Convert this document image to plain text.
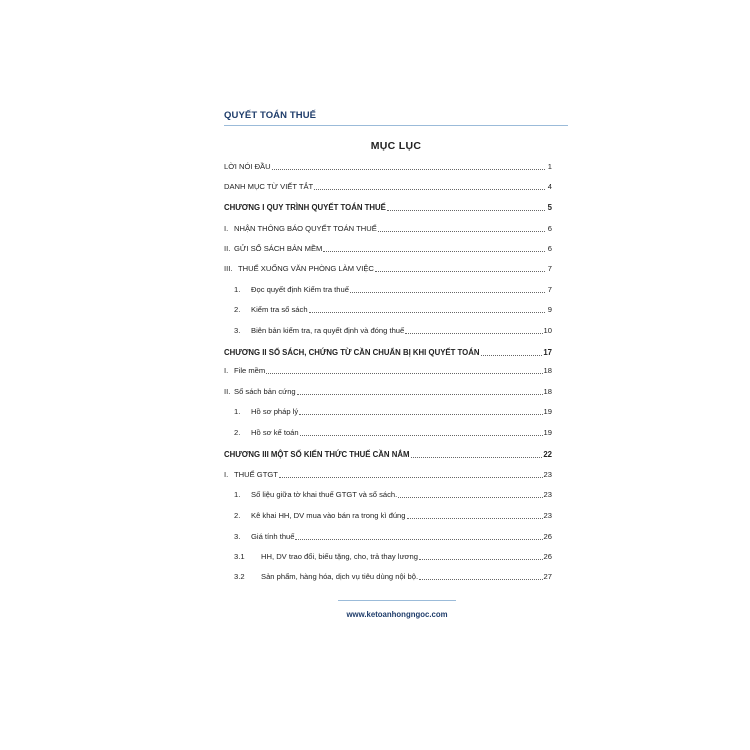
QUYẾT TOÁN THUẾ
MỤC LỤC
LỜI NÓI ĐẦU	1
DANH MỤC TỪ VIẾT TẮT	4
CHƯƠNG I QUY TRÌNH QUYẾT TOÁN THUẾ	5
I. NHẬN THÔNG BÁO QUYẾT TOÁN THUẾ	6
II. GỬI SỔ SÁCH BẢN MỀM	6
III. THUẾ XUỐNG VĂN PHÒNG LÀM VIỆC	7
1.	Đọc quyết định Kiểm tra thuế	7
2.	Kiểm tra sổ sách	9
3.	Biên bản kiểm tra, ra quyết định và đóng thuế	10
CHƯƠNG II SỔ SÁCH, CHỨNG TỪ CẦN CHUẨN BỊ KHI QUYẾT TOÁN	17
I. File mềm	18
II. Sổ sách bản cứng	18
1.	Hồ sơ pháp lý	19
2.	Hồ sơ kế toán	19
CHƯƠNG III MỘT SỐ KIẾN THỨC THUẾ CẦN NẮM	22
I. THUẾ GTGT	23
1.	Số liệu giữa tờ khai thuế GTGT và sổ sách.	23
2.	Kê khai HH, DV mua vào bán ra trong kì đúng	23
3.	Giá tính thuế	26
3.1	HH, DV trao đổi, biếu tặng, cho, trả thay lương	26
3.2	Sản phẩm, hàng hóa, dịch vụ tiêu dùng nội bộ.	27
www.ketoanhongngoc.com
